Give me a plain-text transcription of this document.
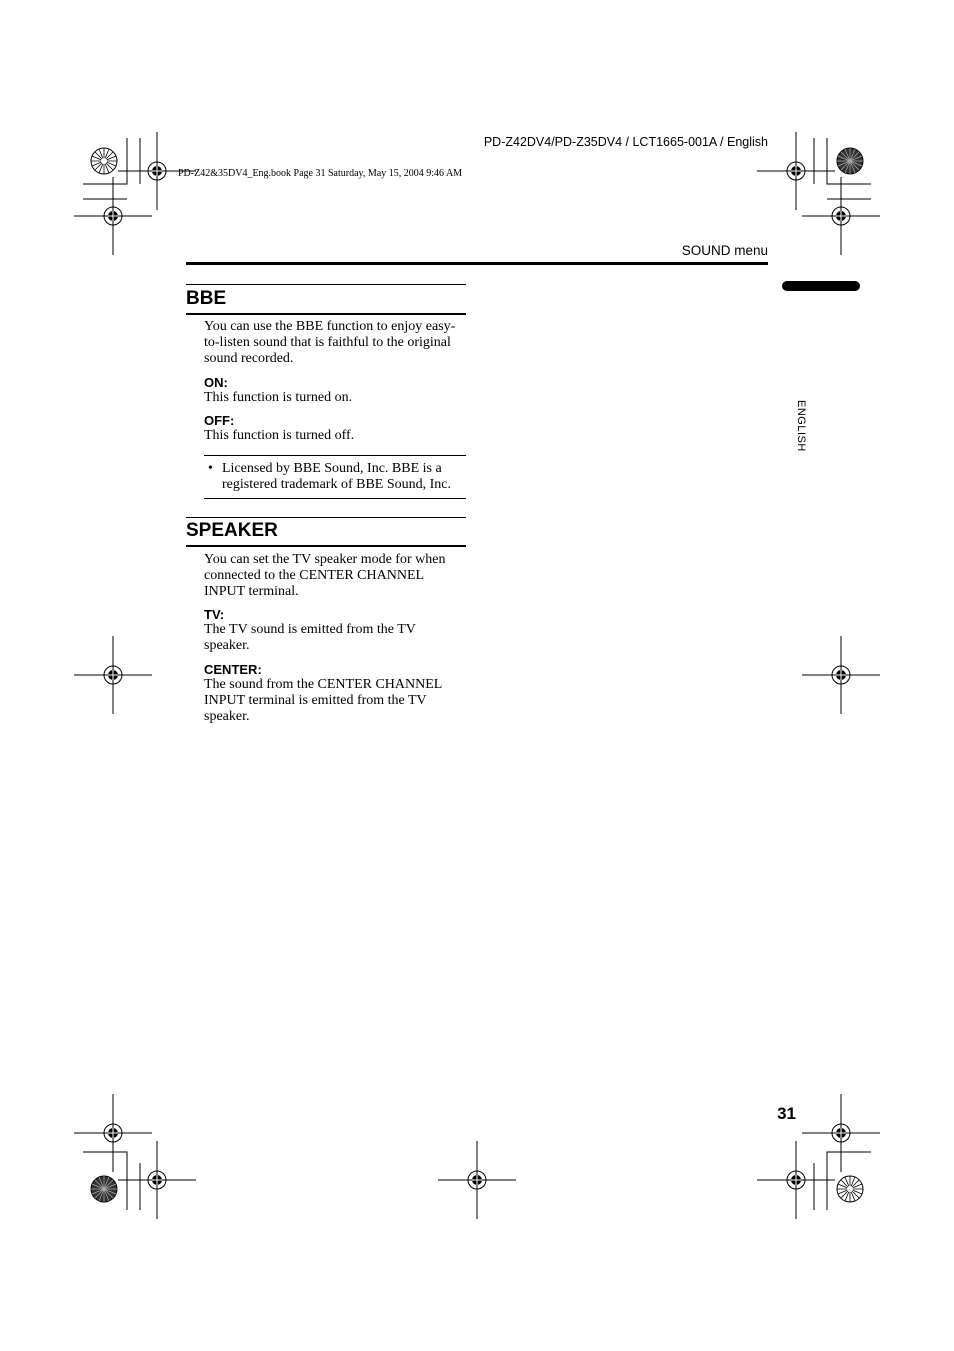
PD-Z42DV4/PD-Z35DV4 / LCT1665-001A / English
PD-Z42&35DV4_Eng.book Page 31 Saturday, May 15, 2004 9:46 AM
SOUND menu
ENGLISH
BBE
You can use the BBE function to enjoy easy-to-listen sound that is faithful to the original sound recorded.
ON:
This function is turned on.
OFF:
This function is turned off.
• Licensed by BBE Sound, Inc. BBE is a registered trademark of BBE Sound, Inc.
SPEAKER
You can set the TV speaker mode for when connected to the CENTER CHANNEL INPUT terminal.
TV:
The TV sound is emitted from the TV speaker.
CENTER:
The sound from the CENTER CHANNEL INPUT terminal is emitted from the TV speaker.
31
